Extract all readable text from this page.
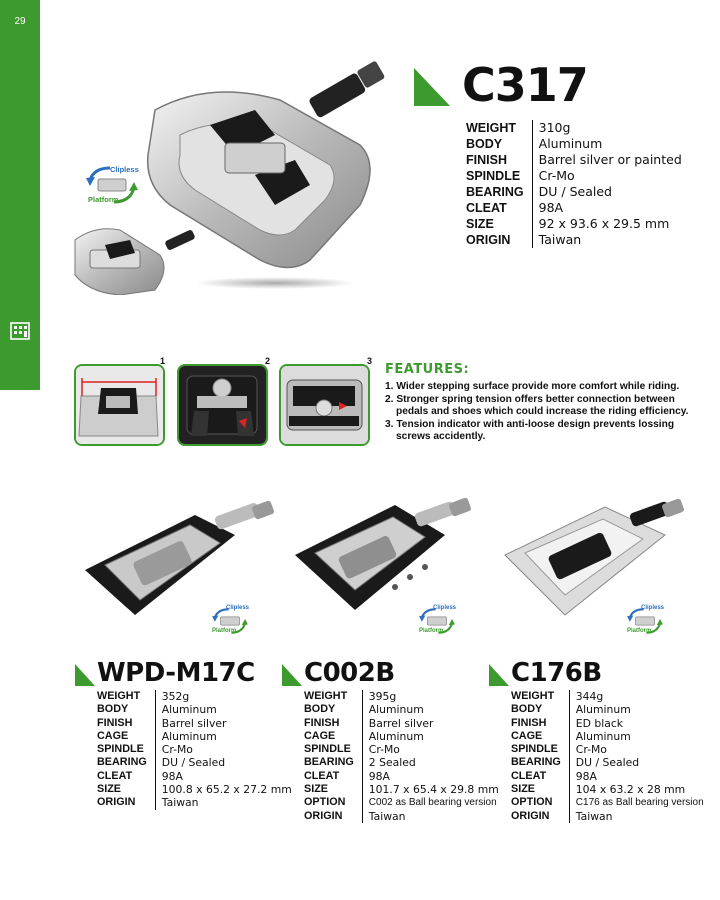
29
Clipless
Platform
C317
WEIGHT	310g
BODY	Aluminum
FINISH	Barrel silver or painted
SPINDLE	Cr-Mo
BEARING	DU / Sealed
CLEAT	98A
SIZE	92 x 93.6 x 29.5 mm
ORIGIN	Taiwan
1	2	3
FEATURES:
1. Wider stepping surface provide more comfort while riding.
2. Stronger spring tension offers better connection between pedals and shoes which could increase the riding efficiency.
3. Tension indicator with anti-loose design prevents lossing screws accidently.
Clipless
Platform
Clipless
Platform
Clipless
Platform
WPD-M17C
WEIGHT	352g
BODY	Aluminum
FINISH	Barrel silver
CAGE	Aluminum
SPINDLE	Cr-Mo
BEARING	DU / Sealed
CLEAT	98A
SIZE	100.8 x 65.2 x 27.2 mm
ORIGIN	Taiwan
C002B
WEIGHT	395g
BODY	Aluminum
FINISH	Barrel silver
CAGE	Aluminum
SPINDLE	Cr-Mo
BEARING	2 Sealed
CLEAT	98A
SIZE	101.7 x 65.4 x 29.8 mm
OPTION	C002 as Ball bearing version
ORIGIN	Taiwan
C176B
WEIGHT	344g
BODY	Aluminum
FINISH	ED black
CAGE	Aluminum
SPINDLE	Cr-Mo
BEARING	DU / Sealed
CLEAT	98A
SIZE	104 x 63.2 x 28 mm
OPTION	C176 as Ball bearing version
ORIGIN	Taiwan
